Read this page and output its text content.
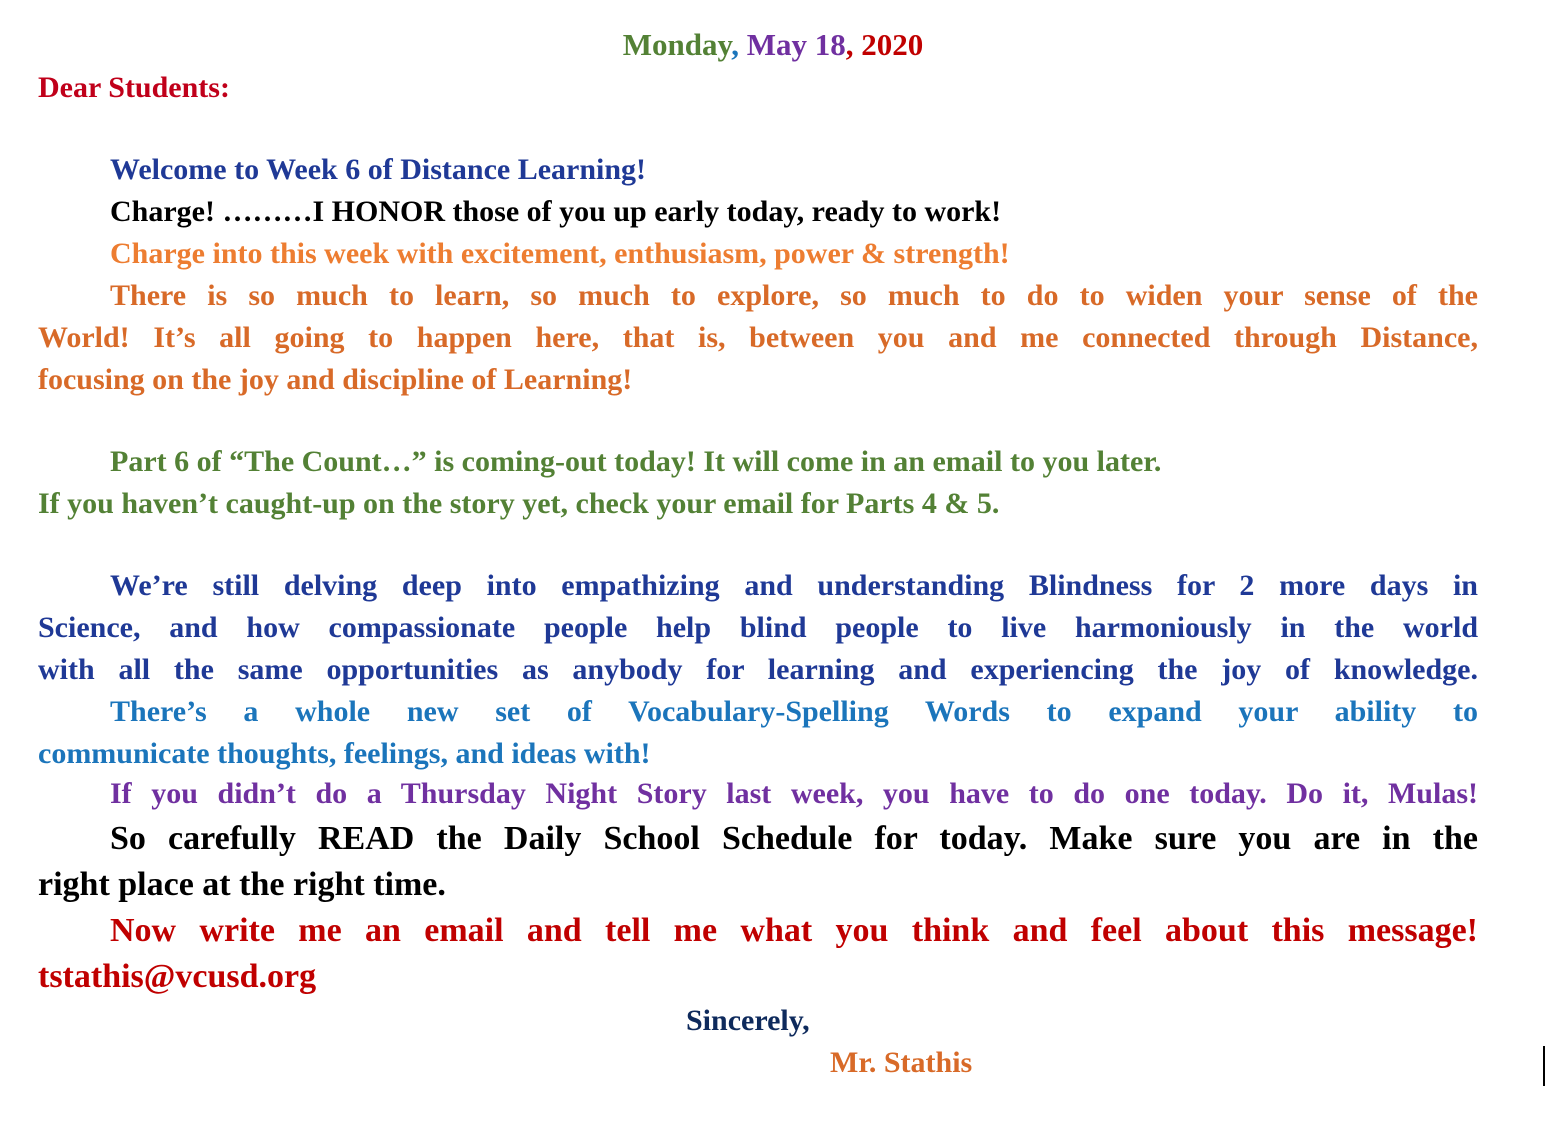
Monday, May 18, 2020

Dear Students:

Welcome to Week 6 of Distance Learning!

Charge! ………I HONOR those of you up early today, ready to work!

Charge into this week with excitement, enthusiasm, power & strength!

There is so much to learn, so much to explore, so much to do to widen your sense of the

World! It’s all going to happen here, that is, between you and me connected through Distance,

focusing on the joy and discipline of Learning!

Part 6 of “The Count…” is coming-out today! It will come in an email to you later.

If you haven’t caught-up on the story yet, check your email for Parts 4 & 5.

We’re still delving deep into empathizing and understanding Blindness for 2 more days in

Science, and how compassionate people help blind people to live harmoniously in the world

with all the same opportunities as anybody for learning and experiencing the joy of knowledge.

There’s a whole new set of Vocabulary-Spelling Words to expand your ability to

communicate thoughts, feelings, and ideas with!

If you didn’t do a Thursday Night Story last week, you have to do one today. Do it, Mulas!

So carefully READ the Daily School Schedule for today. Make sure you are in the

right place at the right time.

Now write me an email and tell me what you think and feel about this message!

tstathis@vcusd.org

Sincerely,

Mr. Stathis
